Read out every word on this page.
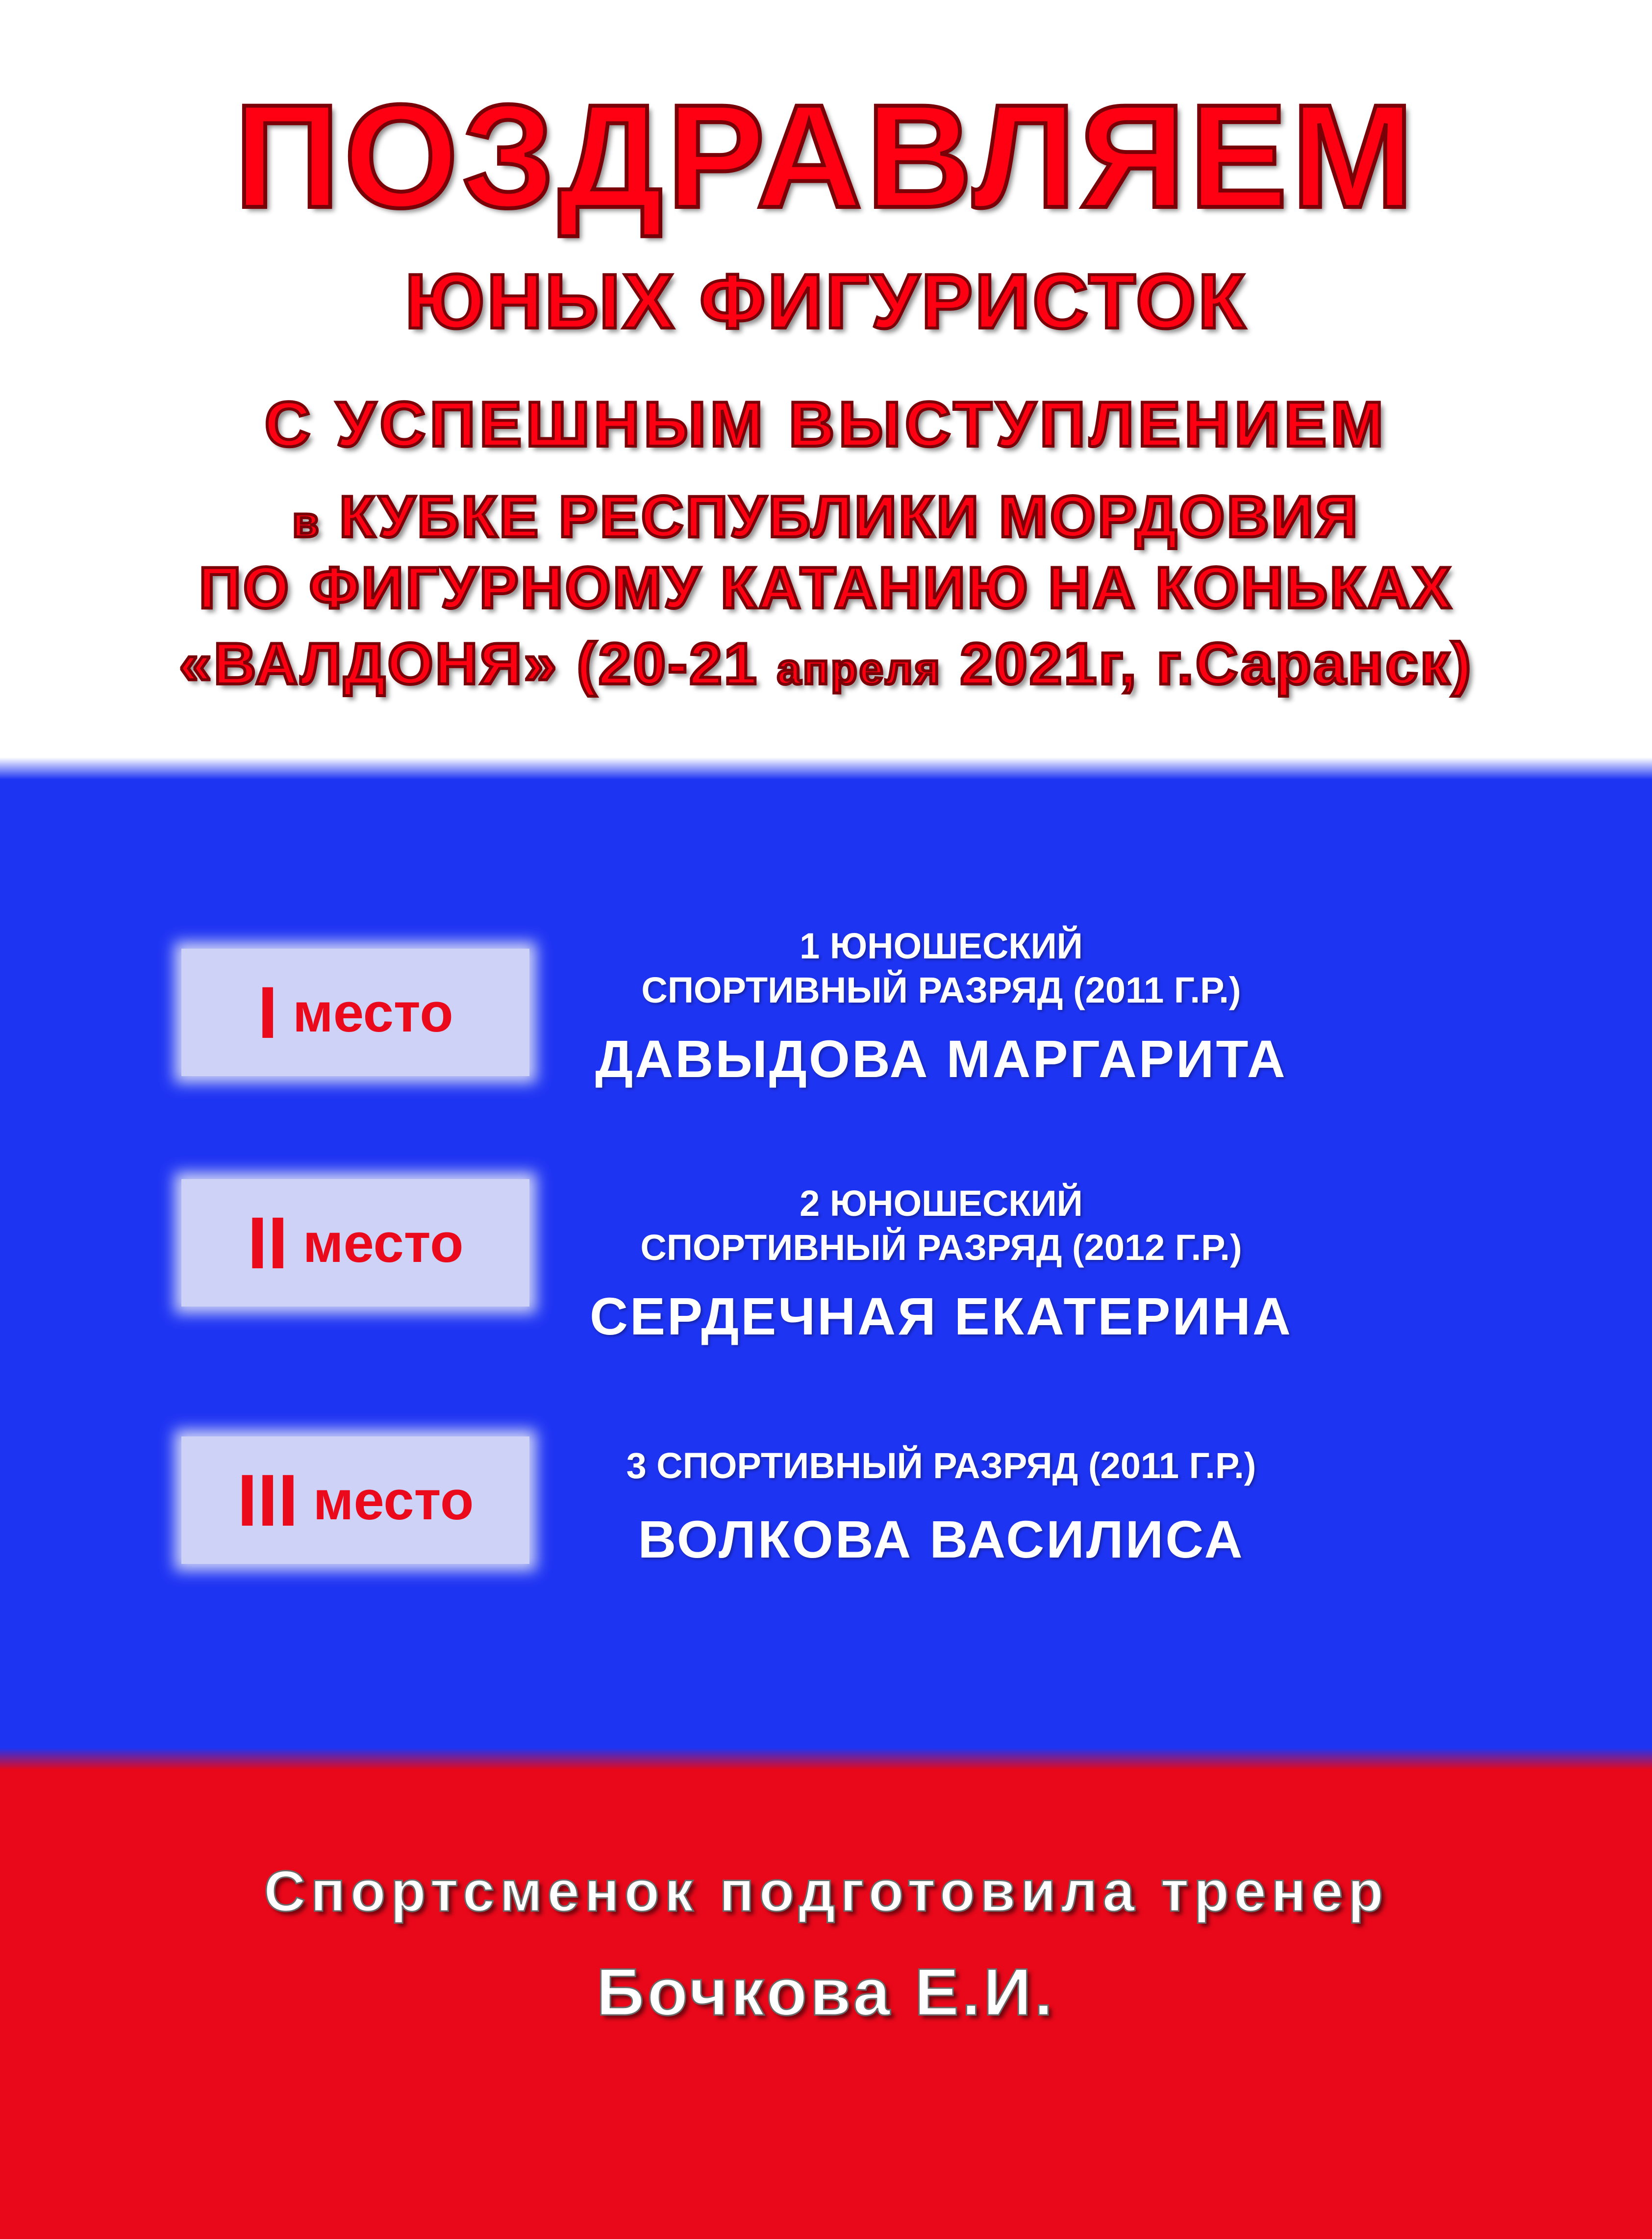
ПОЗДРАВЛЯЕМ
ЮНЫХ ФИГУРИСТОК
С УСПЕШНЫМ ВЫСТУПЛЕНИЕМ
в КУБКЕ РЕСПУБЛИКИ МОРДОВИЯ
ПО ФИГУРНОМУ КАТАНИЮ НА КОНЬКАХ
«ВАЛДОНЯ» (20-21 апреля 2021г, г.Саранск)
I место
1 ЮНОШЕСКИЙ
СПОРТИВНЫЙ РАЗРЯД (2011 Г.Р.)
ДАВЫДОВА МАРГАРИТА
II место
2 ЮНОШЕСКИЙ
СПОРТИВНЫЙ РАЗРЯД (2012 Г.Р.)
СЕРДЕЧНАЯ ЕКАТЕРИНА
III место
3 СПОРТИВНЫЙ РАЗРЯД (2011 Г.Р.)
ВОЛКОВА ВАСИЛИСА
Спортсменок подготовила тренер
Бочкова Е.И.
